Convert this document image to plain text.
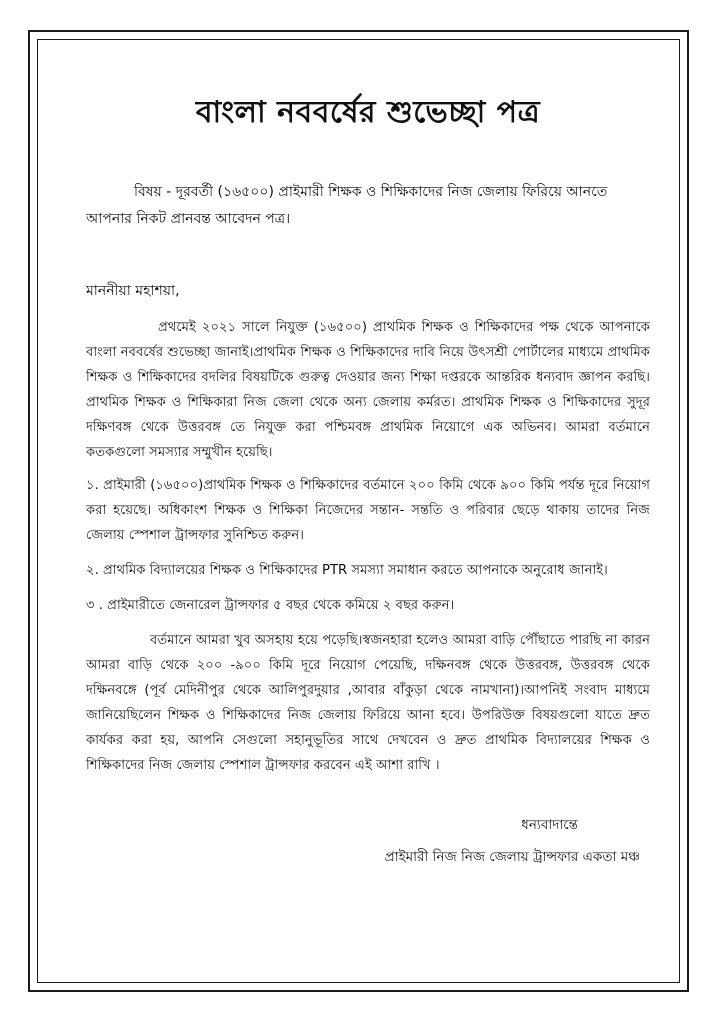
বাংলা নববর্ষের শুভেচ্ছা পত্র

বিষয় - দূরবর্তী (১৬৫০০) প্রাইমারী শিক্ষক ও শিক্ষিকাদের নিজ জেলায় ফিরিয়ে আনতে আপনার নিকট প্রানবন্ত আবেদন পত্র।

মাননীয়া মহাশয়া,

প্রথমেই ২০২১ সালে নিযুক্ত (১৬৫০০) প্রাথমিক শিক্ষক ও শিক্ষিকাদের পক্ষ থেকে আপনাকে বাংলা নববর্ষের শুভেচ্ছা জানাই।প্রাথমিক শিক্ষক ও শিক্ষিকাদের দাবি নিয়ে উৎসশ্রী পোর্টালের মাধ্যমে প্রাথমিক শিক্ষক ও শিক্ষিকাদের বদলির বিষয়টিকে গুরুত্ব দেওয়ার জন্য শিক্ষা দপ্তরকে আন্তরিক ধন্যবাদ জ্ঞাপন করছি।প্রাথমিক শিক্ষক ও শিক্ষিকারা নিজ জেলা থেকে অন্য জেলায় কর্মরত। প্রাথমিক শিক্ষক ও শিক্ষিকাদের সুদূর দক্ষিণবঙ্গ থেকে উত্তরবঙ্গ তে নিযুক্ত করা পশ্চিমবঙ্গ প্রাথমিক নিয়োগে এক অভিনব। আমরা বর্তমানে কতকগুলো সমস্যার সম্মুখীন হয়েছি।

১. প্রাইমারী (১৬৫০০)প্রাথমিক শিক্ষক ও শিক্ষিকাদের বর্তমানে ২০০ কিমি থেকে ৯০০ কিমি পর্যন্ত দূরে নিয়োগ করা হয়েছে। অধিকাংশ শিক্ষক ও শিক্ষিকা নিজেদের সন্তান- সন্ততি ও পরিবার ছেড়ে থাকায় তাদের নিজ জেলায় স্পেশাল ট্রান্সফার সুনিশ্চিত করুন।

২. প্রাথমিক বিদ্যালয়ের শিক্ষক ও শিক্ষিকাদের PTR সমস্যা সমাধান করতে আপনাকে অনুরোধ জানাই।

৩ . প্রাইমারীতে জেনারেল ট্রান্সফার ৫ বছর থেকে কমিয়ে ২ বছর করুন।

বর্তমানে আমরা খুব অসহায় হয়ে পড়েছি।স্বজনহারা হলেও আমরা বাড়ি পৌঁছাতে পারছি না কারন আমরা বাড়ি থেকে ২০০ -৯০০ কিমি দূরে নিয়োগ পেয়েছি, দক্ষিনবঙ্গ থেকে উত্তরবঙ্গ, উত্তরবঙ্গ থেকে দক্ষিনবঙ্গে (পূর্ব মেদিনীপুর থেকে আলিপুরদুয়ার ,আবার বাঁকুড়া থেকে নামখানা)।আপনিই সংবাদ মাধ্যমে জানিয়েছিলেন শিক্ষক ও শিক্ষিকাদের নিজ জেলায় ফিরিয়ে আনা হবে। উপরিউক্ত বিষয়গুলো যাতে দ্রুত কার্যকর করা হয়, আপনি সেগুলো সহানুভূতির সাথে দেখবেন ও দ্রুত প্রাথমিক বিদ্যালয়ের শিক্ষক ও শিক্ষিকাদের নিজ জেলায় স্পেশাল ট্রান্সফার করবেন এই আশা রাখি ।

ধন্যবাদান্তে
প্রাইমারী নিজ নিজ জেলায় ট্রান্সফার একতা মঞ্চ
